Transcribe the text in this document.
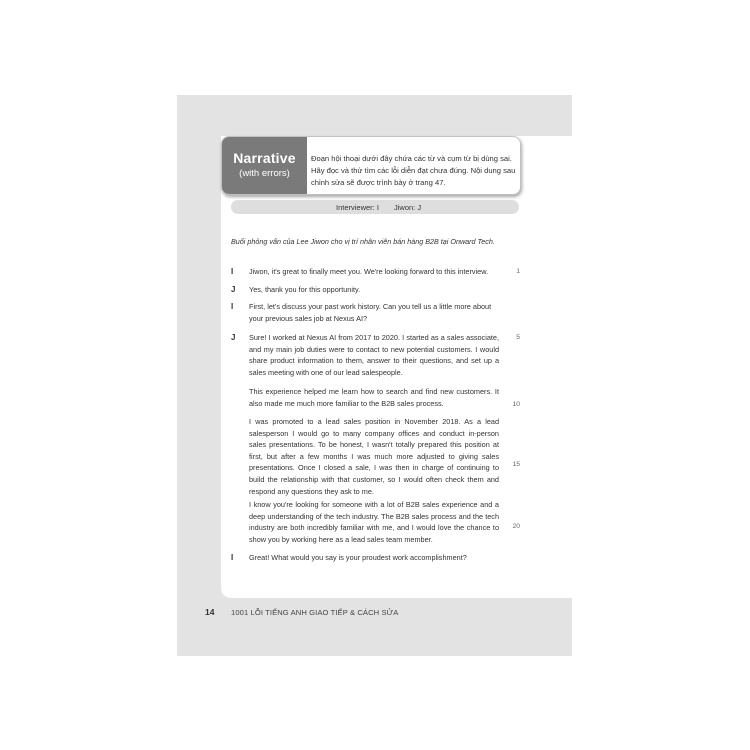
Narrative
(with errors)
Đoạn hội thoại dưới đây chứa các từ và cụm từ bị dùng sai. Hãy đọc và thử tìm các lỗi diễn đạt chưa đúng. Nội dung sau chỉnh sửa sẽ được trình bày ở trang 47.
Interviewer: I Jiwon: J
Buổi phỏng vấn của Lee Jiwon cho vị trí nhân viên bán hàng B2B tại Onward Tech.
I Jiwon, it's great to finally meet you. We're looking forward to this interview.
J Yes, thank you for this opportunity.
I First, let's discuss your past work history. Can you tell us a little more about your previous sales job at Nexus AI?
J Sure! I worked at Nexus AI from 2017 to 2020. I started as a sales associate, and my main job duties were to contact to new potential customers. I would share product information to them, answer to their questions, and set up a sales meeting with one of our lead salespeople.
This experience helped me learn how to search and find new customers. It also made me much more familiar to the B2B sales process.
I was promoted to a lead sales position in November 2018. As a lead salesperson I would go to many company offices and conduct in-person sales presentations. To be honest, I wasn't totally prepared this position at first, but after a few months I was much more adjusted to giving sales presentations. Once I closed a sale, I was then in charge of continuing to build the relationship with that customer, so I would often check them and respond any questions they ask to me.
I know you're looking for someone with a lot of B2B sales experience and a deep understanding of the tech industry. The B2B sales process and the tech industry are both incredibly familiar with me, and I would love the chance to show you by working here as a lead sales team member.
I Great! What would you say is your proudest work accomplishment?
1
5
10
15
20
14 1001 LỖI TIẾNG ANH GIAO TIẾP & CÁCH SỬA
